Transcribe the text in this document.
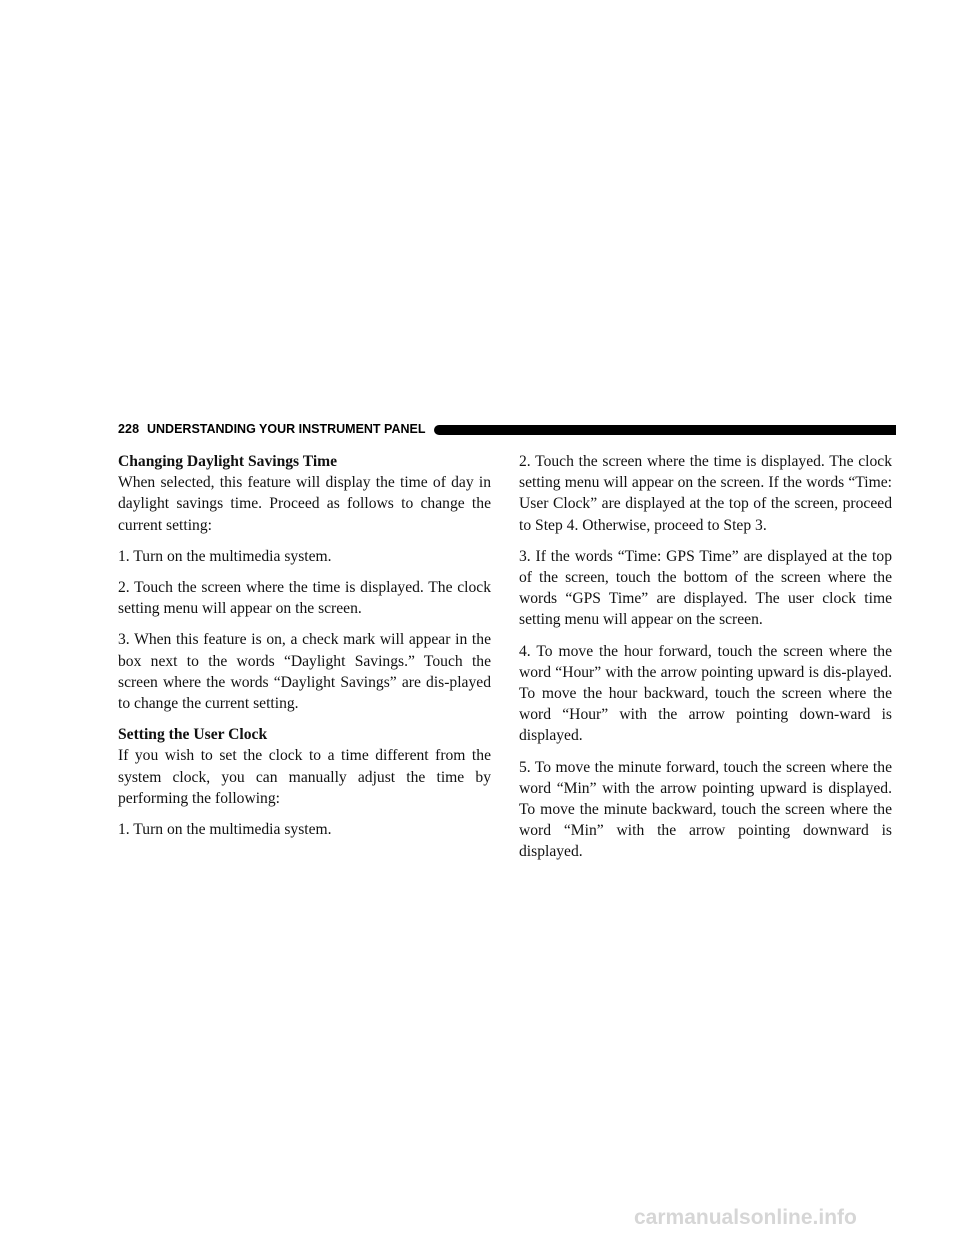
228 UNDERSTANDING YOUR INSTRUMENT PANEL
Changing Daylight Savings Time

When selected, this feature will display the time of day in daylight savings time. Proceed as follows to change the current setting:

1. Turn on the multimedia system.

2. Touch the screen where the time is displayed. The clock setting menu will appear on the screen.

3. When this feature is on, a check mark will appear in the box next to the words “Daylight Savings.” Touch the screen where the words “Daylight Savings” are dis-played to change the current setting.

Setting the User Clock

If you wish to set the clock to a time different from the system clock, you can manually adjust the time by performing the following:

1. Turn on the multimedia system.

2. Touch the screen where the time is displayed. The clock setting menu will appear on the screen. If the words “Time: User Clock” are displayed at the top of the screen, proceed to Step 4. Otherwise, proceed to Step 3.

3. If the words “Time: GPS Time” are displayed at the top of the screen, touch the bottom of the screen where the words “GPS Time” are displayed. The user clock time setting menu will appear on the screen.

4. To move the hour forward, touch the screen where the word “Hour” with the arrow pointing upward is dis-played. To move the hour backward, touch the screen where the word “Hour” with the arrow pointing down-ward is displayed.

5. To move the minute forward, touch the screen where the word “Min” with the arrow pointing upward is displayed. To move the minute backward, touch the screen where the word “Min” with the arrow pointing downward is displayed.

carmanualsonline.info
